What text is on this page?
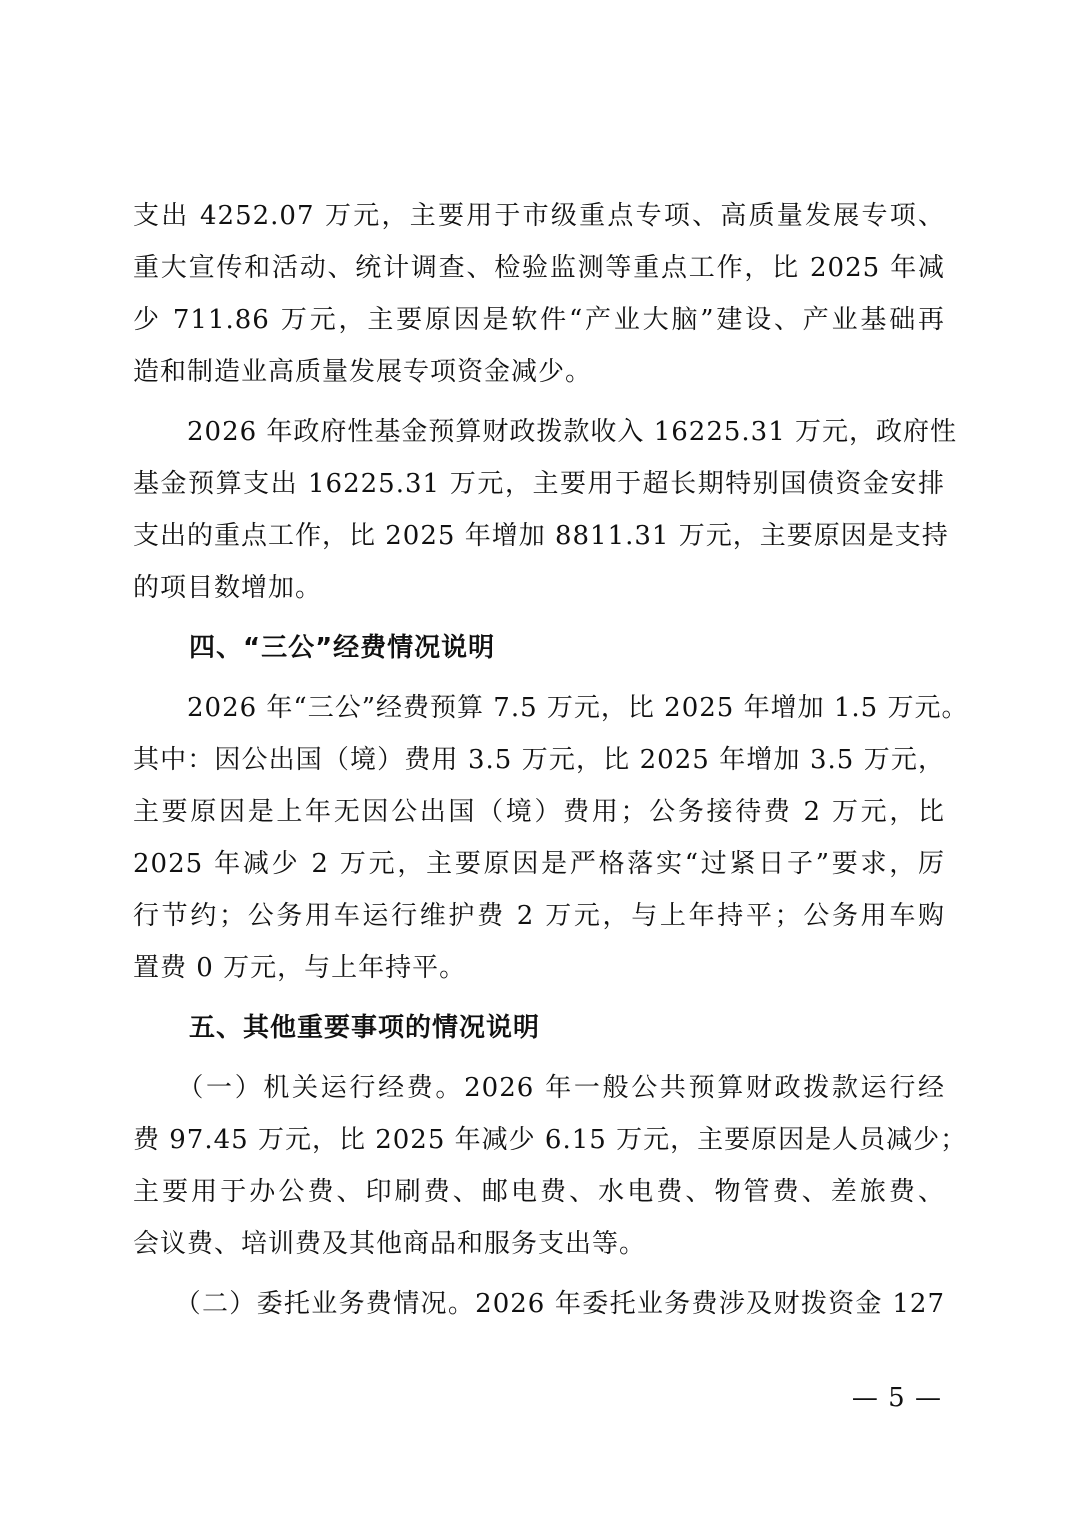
支出 4252.07 万元，主要用于市级重点专项、高质量发展专项、
重大宣传和活动、统计调查、检验监测等重点工作，比 2025 年减
少 711.86 万元，主要原因是软件“产业大脑”建设、产业基础再
造和制造业高质量发展专项资金减少。
　　2026 年政府性基金预算财政拨款收入 16225.31 万元，政府性
基金预算支出 16225.31 万元，主要用于超长期特别国债资金安排
支出的重点工作，比 2025 年增加 8811.31 万元，主要原因是支持
的项目数增加。
四、“三公”经费情况说明
　　2026 年“三公”经费预算 7.5 万元，比 2025 年增加 1.5 万元。
其中：因公出国（境）费用 3.5 万元，比 2025 年增加 3.5 万元，
主要原因是上年无因公出国（境）费用；公务接待费 2 万元，比
2025 年减少 2 万元，主要原因是严格落实“过紧日子”要求，厉
行节约；公务用车运行维护费 2 万元，与上年持平；公务用车购
置费 0 万元，与上年持平。
五、其他重要事项的情况说明
　　（一）机关运行经费。2026 年一般公共预算财政拨款运行经
费 97.45 万元，比 2025 年减少 6.15 万元，主要原因是人员减少；
主要用于办公费、印刷费、邮电费、水电费、物管费、差旅费、
会议费、培训费及其他商品和服务支出等。
　　（二）委托业务费情况。2026 年委托业务费涉及财拨资金 127
— 5 —
